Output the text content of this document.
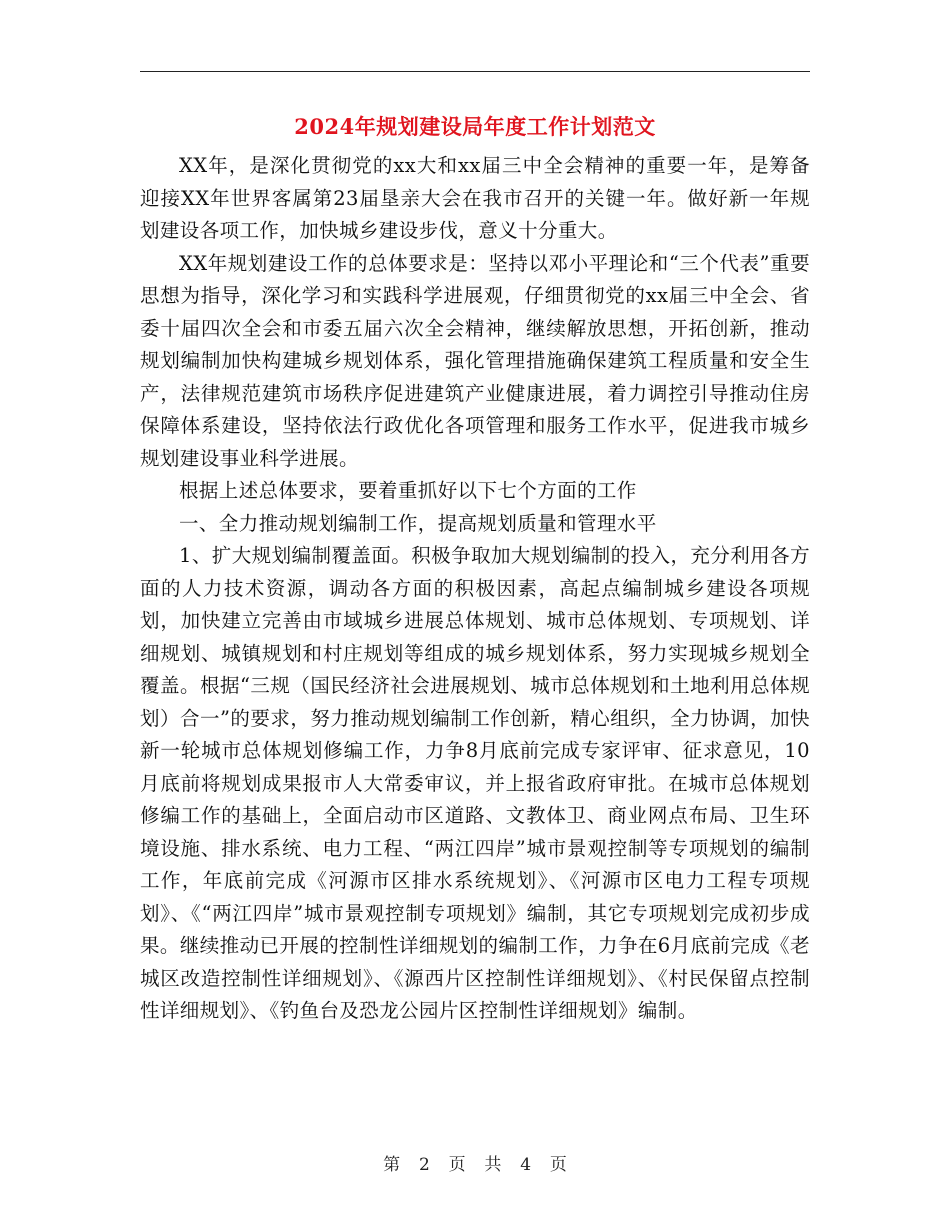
2024年规划建设局年度工作计划范文

XX年，是深化贯彻党的xx大和xx届三中全会精神的重要一年，是筹备迎接XX年世界客属第23届垦亲大会在我市召开的关键一年。做好新一年规划建设各项工作，加快城乡建设步伐，意义十分重大。

XX年规划建设工作的总体要求是：坚持以邓小平理论和“三个代表”重要思想为指导，深化学习和实践科学进展观，仔细贯彻党的xx届三中全会、省委十届四次全会和市委五届六次全会精神，继续解放思想，开拓创新，推动规划编制加快构建城乡规划体系，强化管理措施确保建筑工程质量和安全生产，法律规范建筑市场秩序促进建筑产业健康进展，着力调控引导推动住房保障体系建设，坚持依法行政优化各项管理和服务工作水平，促进我市城乡规划建设事业科学进展。

根据上述总体要求，要着重抓好以下七个方面的工作

一、全力推动规划编制工作，提高规划质量和管理水平

1、扩大规划编制覆盖面。积极争取加大规划编制的投入，充分利用各方面的人力技术资源，调动各方面的积极因素，高起点编制城乡建设各项规划，加快建立完善由市域城乡进展总体规划、城市总体规划、专项规划、详细规划、城镇规划和村庄规划等组成的城乡规划体系，努力实现城乡规划全覆盖。根据“三规（国民经济社会进展规划、城市总体规划和土地利用总体规划）合一”的要求，努力推动规划编制工作创新，精心组织，全力协调，加快新一轮城市总体规划修编工作，力争8月底前完成专家评审、征求意见，10月底前将规划成果报市人大常委审议，并上报省政府审批。在城市总体规划修编工作的基础上，全面启动市区道路、文教体卫、商业网点布局、卫生环境设施、排水系统、电力工程、“两江四岸”城市景观控制等专项规划的编制工作，年底前完成《河源市区排水系统规划》、《河源市区电力工程专项规划》、《“两江四岸”城市景观控制专项规划》编制，其它专项规划完成初步成果。继续推动已开展的控制性详细规划的编制工作，力争在6月底前完成《老城区改造控制性详细规划》、《源西片区控制性详细规划》、《村民保留点控制性详细规划》、《钓鱼台及恐龙公园片区控制性详细规划》编制。

第 2 页 共 4 页
